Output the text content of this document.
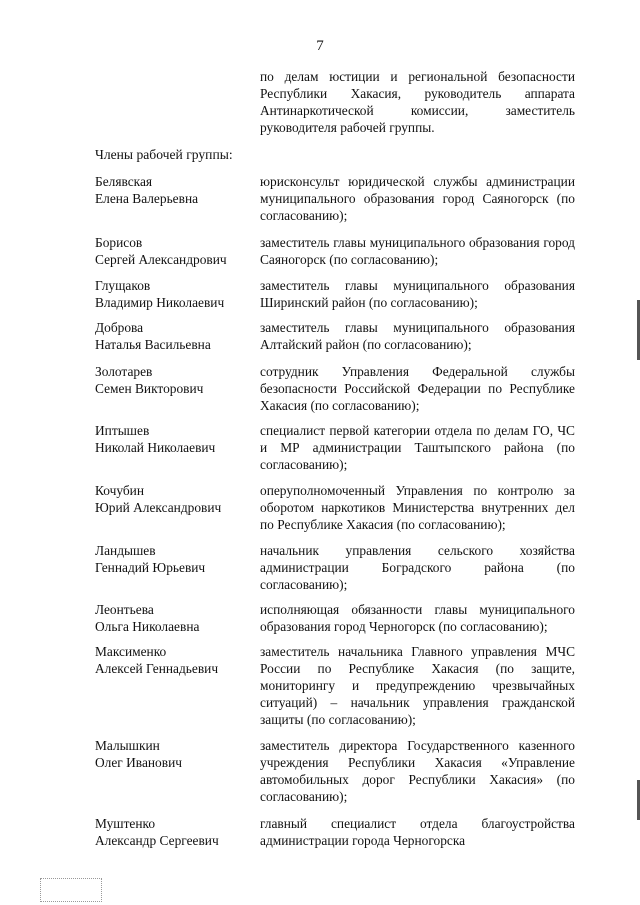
7
по делам юстиции и региональной безопасности Республики Хакасия, руководитель аппарата Антинаркотической комиссии, заместитель руководителя рабочей группы.
Члены рабочей группы:
Белявская
Елена Валерьевна
юрисконсульт юридической службы администрации муниципального образования город Саяногорск (по согласованию);
Борисов
Сергей Александрович
заместитель главы муниципального образования город Саяногорск (по согласованию);
Глущаков
Владимир Николаевич
заместитель главы муниципального образования Ширинский район (по согласованию);
Доброва
Наталья Васильевна
заместитель главы муниципального образования Алтайский район (по согласованию);
Золотарев
Семен Викторович
сотрудник Управления Федеральной службы безопасности Российской Федерации по Республике Хакасия (по согласованию);
Иптышев
Николай Николаевич
специалист первой категории отдела по делам ГО, ЧС и МР администрации Таштыпского района (по согласованию);
Кочубин
Юрий Александрович
оперуполномоченный Управления по контролю за оборотом наркотиков Министерства внутренних дел по Республике Хакасия (по согласованию);
Ландышев
Геннадий Юрьевич
начальник управления сельского хозяйства администрации Боградского района (по согласованию);
Леонтьева
Ольга Николаевна
исполняющая обязанности главы муниципального образования город Черногорск (по согласованию);
Максименко
Алексей Геннадьевич
заместитель начальника Главного управления МЧС России по Республике Хакасия (по защите, мониторингу и предупреждению чрезвычайных ситуаций) – начальник управления гражданской защиты (по согласованию);
Малышкин
Олег Иванович
заместитель директора Государственного казенного учреждения Республики Хакасия «Управление автомобильных дорог Республики Хакасия» (по согласованию);
Муштенко
Александр Сергеевич
главный специалист отдела благоустройства администрации города Черногорска
